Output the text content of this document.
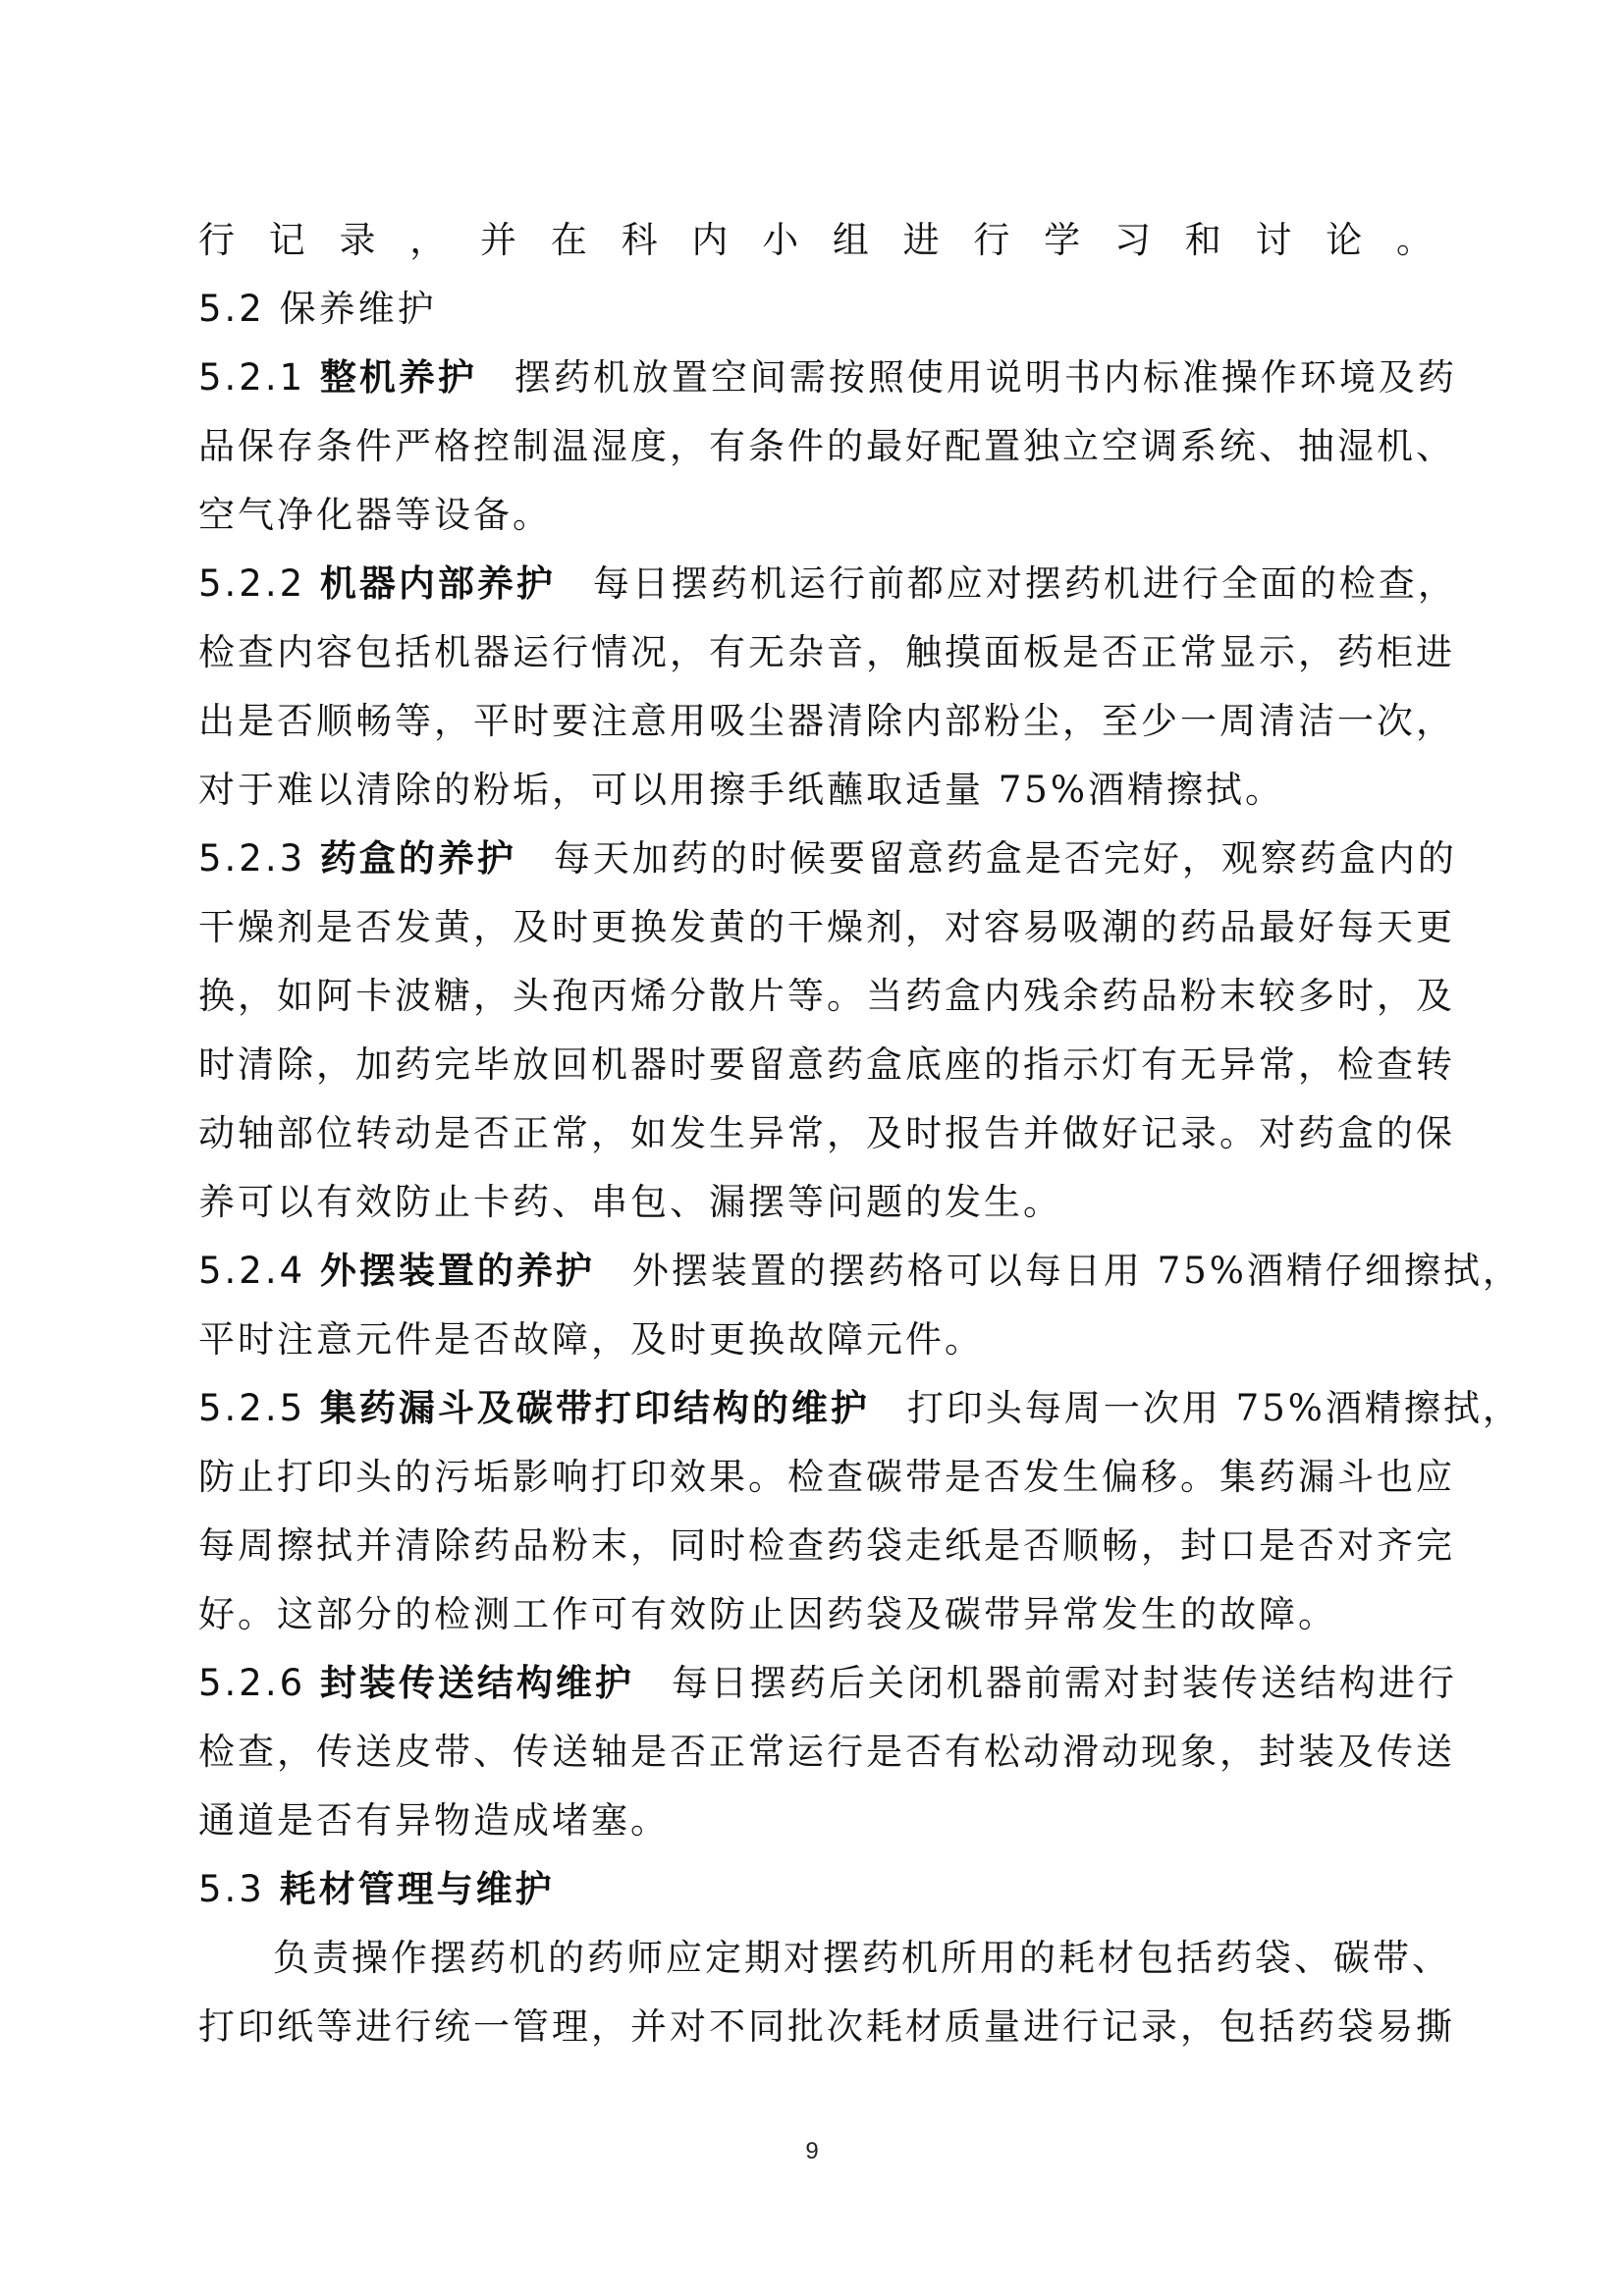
行记录，并在科内小组进行学习和讨论。
5.2 保养维护
5.2.1 整机养护 摆药机放置空间需按照使用说明书内标准操作环境及药
品保存条件严格控制温湿度，有条件的最好配置独立空调系统、抽湿机、
空气净化器等设备。
5.2.2 机器内部养护 每日摆药机运行前都应对摆药机进行全面的检查，
检查内容包括机器运行情况，有无杂音，触摸面板是否正常显示，药柜进
出是否顺畅等，平时要注意用吸尘器清除内部粉尘，至少一周清洁一次，
对于难以清除的粉垢，可以用擦手纸蘸取适量 75%酒精擦拭。
5.2.3 药盒的养护 每天加药的时候要留意药盒是否完好，观察药盒内的
干燥剂是否发黄，及时更换发黄的干燥剂，对容易吸潮的药品最好每天更
换，如阿卡波糖，头孢丙烯分散片等。当药盒内残余药品粉末较多时，及
时清除，加药完毕放回机器时要留意药盒底座的指示灯有无异常，检查转
动轴部位转动是否正常，如发生异常，及时报告并做好记录。对药盒的保
养可以有效防止卡药、串包、漏摆等问题的发生。
5.2.4 外摆装置的养护 外摆装置的摆药格可以每日用 75%酒精仔细擦拭，
平时注意元件是否故障，及时更换故障元件。
5.2.5 集药漏斗及碳带打印结构的维护 打印头每周一次用 75%酒精擦拭，
防止打印头的污垢影响打印效果。检查碳带是否发生偏移。集药漏斗也应
每周擦拭并清除药品粉末，同时检查药袋走纸是否顺畅，封口是否对齐完
好。这部分的检测工作可有效防止因药袋及碳带异常发生的故障。
5.2.6 封装传送结构维护 每日摆药后关闭机器前需对封装传送结构进行
检查，传送皮带、传送轴是否正常运行是否有松动滑动现象，封装及传送
通道是否有异物造成堵塞。
5.3 耗材管理与维护
负责操作摆药机的药师应定期对摆药机所用的耗材包括药袋、碳带、
打印纸等进行统一管理，并对不同批次耗材质量进行记录，包括药袋易撕
9
